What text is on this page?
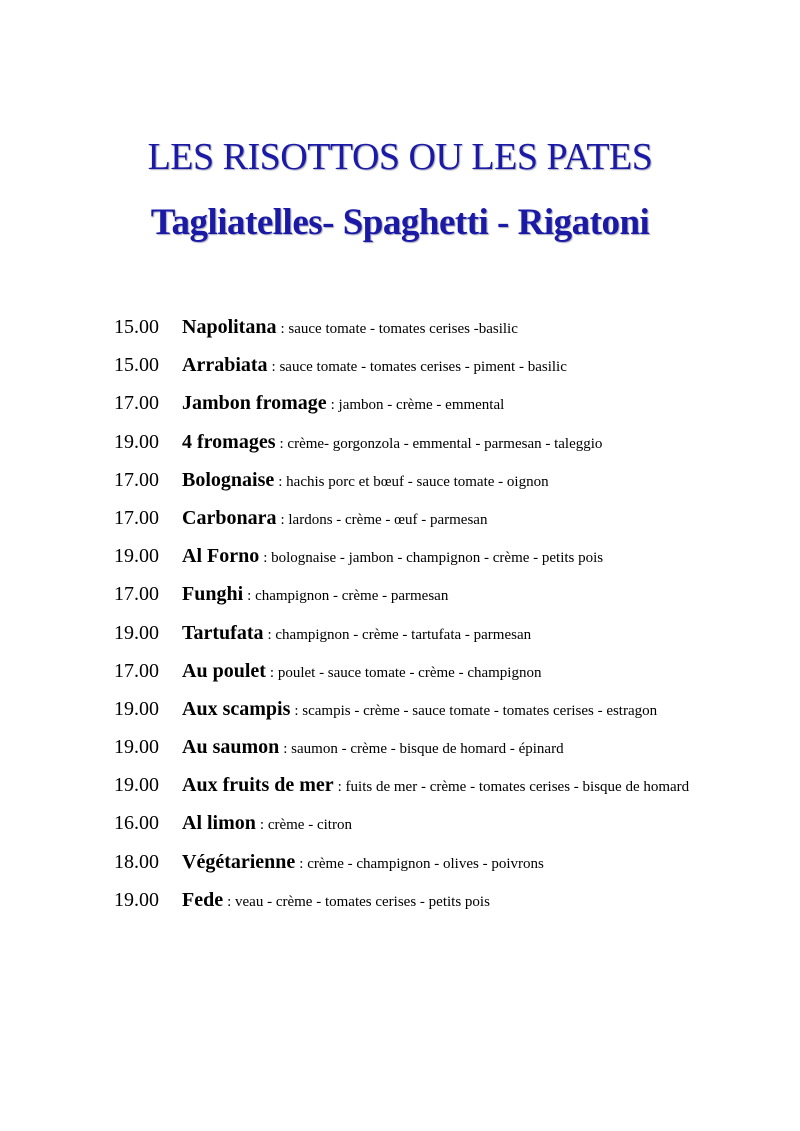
LES RISOTTOS OU LES PATES
Tagliatelles- Spaghetti - Rigatoni
15.00	Napolitana : sauce tomate - tomates cerises -basilic
15.00	Arrabiata : sauce tomate - tomates cerises - piment - basilic
17.00	Jambon fromage : jambon - crème - emmental
19.00	4 fromages : crème- gorgonzola - emmental - parmesan - taleggio
17.00	Bolognaise : hachis porc et bœuf - sauce tomate - oignon
17.00	Carbonara : lardons - crème - œuf - parmesan
19.00	Al Forno : bolognaise - jambon - champignon - crème - petits pois
17.00	Funghi : champignon - crème - parmesan
19.00	Tartufata : champignon - crème - tartufata - parmesan
17.00	Au poulet : poulet - sauce tomate - crème - champignon
19.00	Aux scampis : scampis - crème - sauce tomate - tomates cerises - estragon
19.00	Au saumon : saumon - crème - bisque de homard - épinard
19.00	Aux fruits de mer : fuits de mer - crème - tomates cerises - bisque de homard
16.00	Al limon : crème - citron
18.00	Végétarienne : crème - champignon - olives - poivrons
19.00	Fede : veau - crème - tomates cerises - petits pois
